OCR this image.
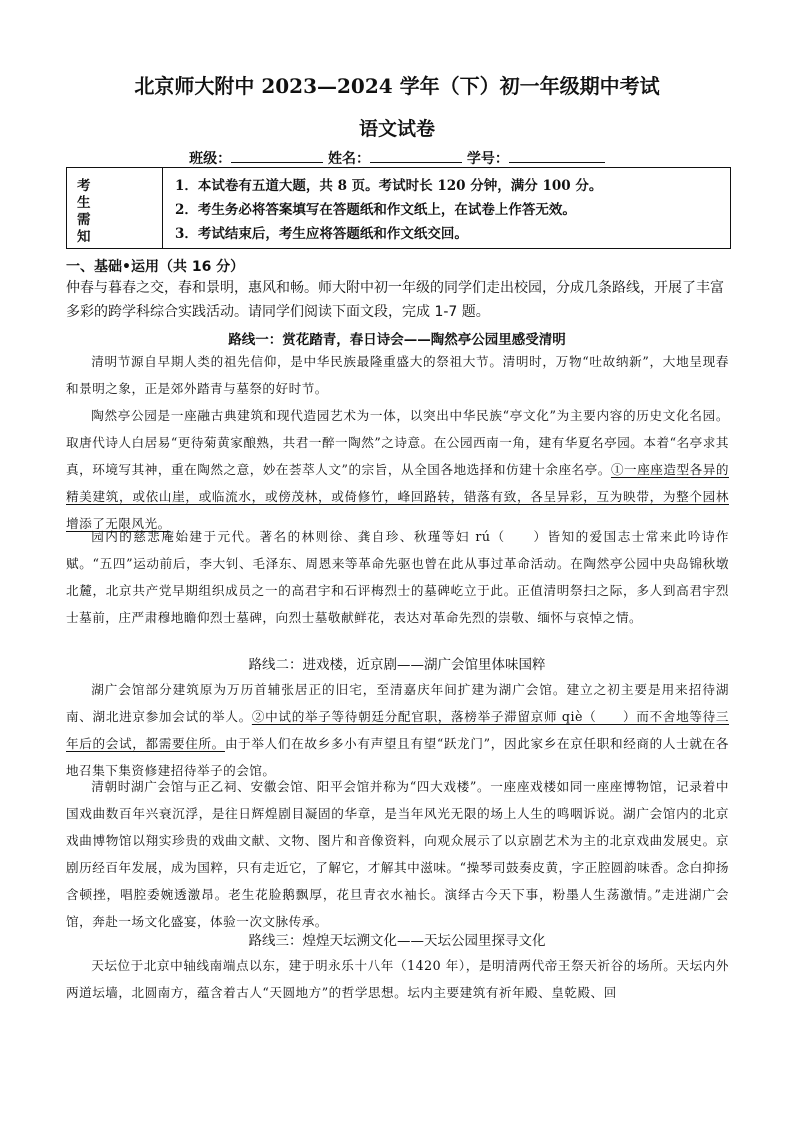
北京师大附中 2023—2024 学年（下）初一年级期中考试
语文试卷
班级：	姓名：	学号：
考
生
需
知
1．本试卷有五道大题，共 8 页。考试时长 120 分钟，满分 100 分。
2．考生务必将答案填写在答题纸和作文纸上，在试卷上作答无效。
3．考试结束后，考生应将答题纸和作文纸交回。
一、基础•运用（共 16 分）
仲春与暮春之交，春和景明，惠风和畅。师大附中初一年级的同学们走出校园，分成几条路线，开展了丰富多彩的跨学科综合实践活动。请同学们阅读下面文段，完成 1-7 题。
路线一：赏花踏青，春日诗会——陶然亭公园里感受清明
清明节源自早期人类的祖先信仰，是中华民族最隆重盛大的祭祖大节。清明时，万物“吐故纳新”，大地呈现春和景明之象，正是郊外踏青与墓祭的好时节。
陶然亭公园是一座融古典建筑和现代造园艺术为一体，以突出中华民族“亭文化”为主要内容的历史文化名园。取唐代诗人白居易“更待菊黄家酿熟，共君一醉一陶然”之诗意。在公园西南一角，建有华夏名亭园。本着“名亭求其真，环境写其神，重在陶然之意，妙在荟萃人文”的宗旨，从全国各地选择和仿建十余座名亭。①一座座造型各异的精美建筑，或依山崖，或临流水，或傍茂林，或倚修竹，峰回路转，错落有致，各呈异彩，互为映带，为整个园林增添了无限风光。
园内的慈悲庵始建于元代。著名的林则徐、龚自珍、秋瑾等妇 rú（　　）皆知的爱国志士常来此吟诗作赋。“五四”运动前后，李大钊、毛泽东、周恩来等革命先驱也曾在此从事过革命活动。在陶然亭公园中央岛锦秋墩北麓，北京共产党早期组织成员之一的高君宇和石评梅烈士的墓碑屹立于此。正值清明祭扫之际，多人到高君宇烈士墓前，庄严肃穆地瞻仰烈士墓碑，向烈士墓敬献鲜花，表达对革命先烈的崇敬、缅怀与哀悼之情。
路线二：进戏楼，近京剧——湖广会馆里体味国粹
湖广会馆部分建筑原为万历首辅张居正的旧宅，至清嘉庆年间扩建为湖广会馆。建立之初主要是用来招待湖南、湖北进京参加会试的举人。②中试的举子等待朝廷分配官职，落榜举子滞留京师 qiè（　　）而不舍地等待三年后的会试，都需要住所。由于举人们在故乡多小有声望且有望“跃龙门”，因此家乡在京任职和经商的人士就在各地召集下集资修建招待举子的会馆。
清朝时湖广会馆与正乙祠、安徽会馆、阳平会馆并称为“四大戏楼”。一座座戏楼如同一座座博物馆，记录着中国戏曲数百年兴衰沉浮，是往日辉煌剧目凝固的华章，是当年风光无限的场上人生的鸣咽诉说。湖广会馆内的北京戏曲博物馆以翔实珍贵的戏曲文献、文物、图片和音像资料，向观众展示了以京剧艺术为主的北京戏曲发展史。京剧历经百年发展，成为国粹，只有走近它，了解它，才解其中滋味。“操琴司鼓奏皮黄，字正腔圆韵味香。念白抑扬含顿挫，唱腔委婉透激昂。老生花脸鹅飘厚，花旦青衣水袖长。演绎古今天下事，粉墨人生荡激情。”走进湖广会馆，奔赴一场文化盛宴，体验一次文脉传承。
路线三：煌煌天坛溯文化——天坛公园里探寻文化
天坛位于北京中轴线南端点以东，建于明永乐十八年（1420 年），是明清两代帝王祭天祈谷的场所。天坛内外两道坛墙，北圆南方，蕴含着古人“天圆地方”的哲学思想。坛内主要建筑有祈年殿、皇乾殿、回
